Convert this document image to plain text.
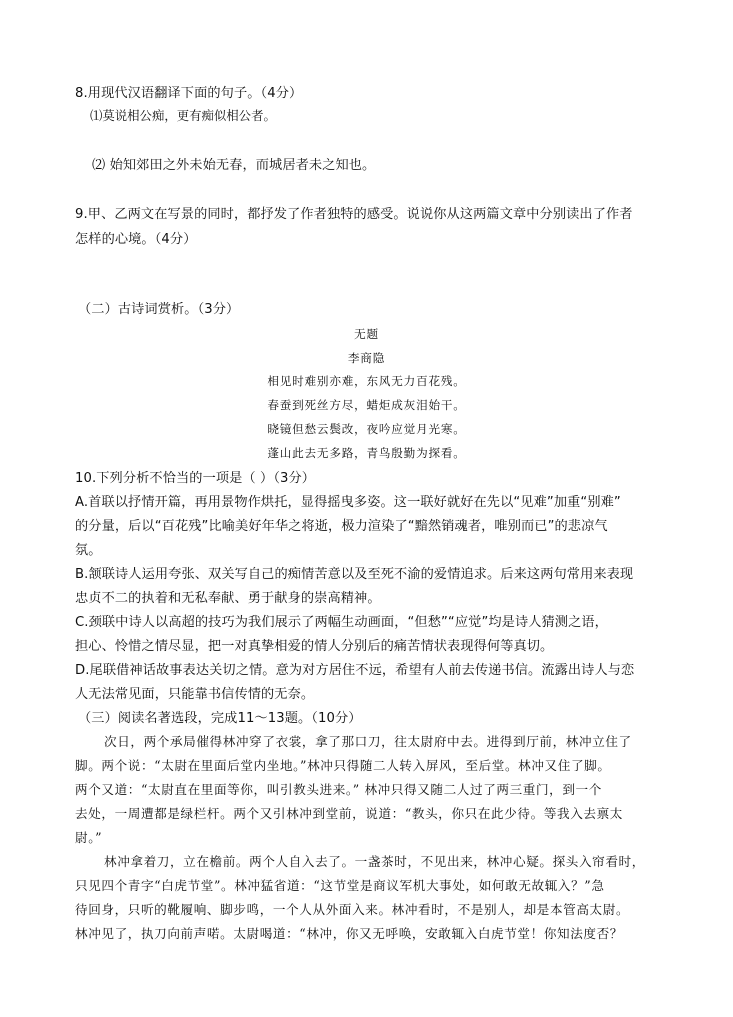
8.用现代汉语翻译下面的句子。（4分）
⑴莫说相公痴，更有痴似相公者。
⑵ 始知郊田之外未始无春，而城居者未之知也。
9.甲、乙两文在写景的同时，都抒发了作者独特的感受。说说你从这两篇文章中分别读出了作者
怎样的心境。（4分）
（二）古诗词赏析。（3分）
无题
李商隐
相见时难别亦难，东风无力百花残。
春蚕到死丝方尽，蜡炬成灰泪始干。
晓镜但愁云鬓改，夜吟应觉月光寒。
蓬山此去无多路，青鸟殷勤为探看。
10.下列分析不恰当的一项是（ ）（3分）
A.首联以抒情开篇，再用景物作烘托，显得摇曳多姿。这一联好就好在先以“见难”加重“别难”
的分量，后以“百花残”比喻美好年华之将逝，极力渲染了“黯然销魂者，唯别而已”的悲凉气
氛。
B.颔联诗人运用夸张、双关写自己的痴情苦意以及至死不渝的爱情追求。后来这两句常用来表现
忠贞不二的执着和无私奉献、勇于献身的崇高精神。
C.颈联中诗人以高超的技巧为我们展示了两幅生动画面，“但愁”“应觉”均是诗人猜测之语，
担心、怜惜之情尽显，把一对真挚相爱的情人分别后的痛苦情状表现得何等真切。
D.尾联借神话故事表达关切之情。意为对方居住不远，希望有人前去传递书信。流露出诗人与恋
人无法常见面，只能靠书信传情的无奈。
（三）阅读名著选段，完成11～13题。（10分）
次日，两个承局催得林冲穿了衣裳，拿了那口刀，往太尉府中去。进得到厅前，林冲立住了
脚。两个说：“太尉在里面后堂内坐地。”林冲只得随二人转入屏风，至后堂。林冲又住了脚。
两个又道：“太尉直在里面等你，叫引教头进来。” 林冲只得又随二人过了两三重门，到一个
去处，一周遭都是绿栏杆。两个又引林冲到堂前，说道：“教头，你只在此少待。等我入去禀太
尉。”
林冲拿着刀，立在檐前。两个人自入去了。一盏茶时，不见出来，林冲心疑。探头入帘看时，
只见四个青字“白虎节堂”。林冲猛省道：“这节堂是商议军机大事处，如何敢无故辄入？”急
待回身，只听的靴履响、脚步鸣，一个人从外面入来。林冲看时，不是别人，却是本管高太尉。
林冲见了，执刀向前声喏。太尉喝道：“林冲，你又无呼唤，安敢辄入白虎节堂！你知法度否？
